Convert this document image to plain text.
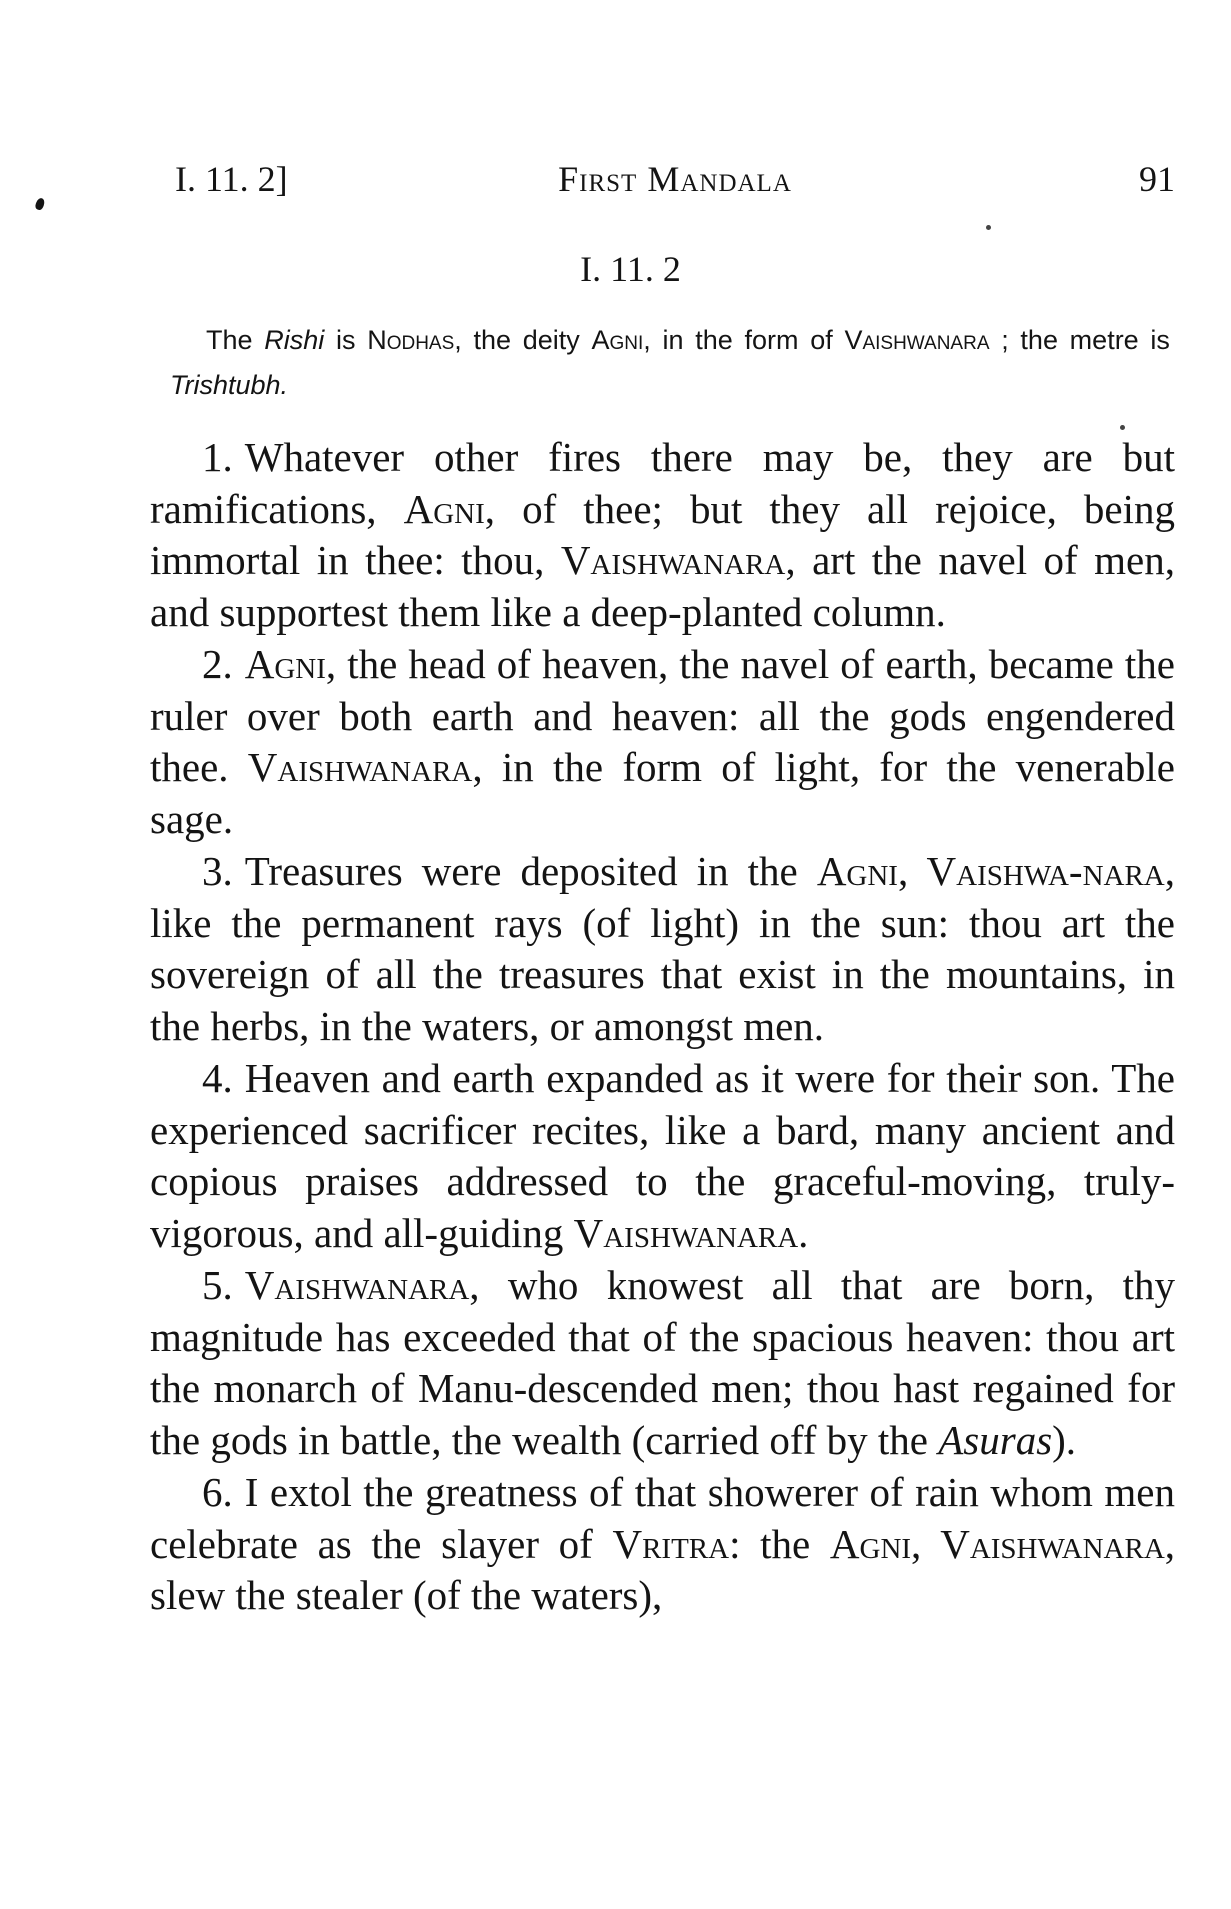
I. 11. 2]	First Mandala	91
I. 11. 2

The Rishi is Nodhas, the deity Agni, in the form of Vaishwanara ; the metre is Trishtubh.

1. Whatever other fires there may be, they are but ramifications, Agni, of thee; but they all rejoice, being immortal in thee: thou, Vaishwanara, art the navel of men, and supportest them like a deep-planted column.

2. Agni, the head of heaven, the navel of earth, became the ruler over both earth and heaven: all the gods engendered thee. Vaishwanara, in the form of light, for the venerable sage.

3. Treasures were deposited in the Agni, Vaishwa-nara, like the permanent rays (of light) in the sun: thou art the sovereign of all the treasures that exist in the mountains, in the herbs, in the waters, or amongst men.

4. Heaven and earth expanded as it were for their son. The experienced sacrificer recites, like a bard, many ancient and copious praises addressed to the graceful-moving, truly-vigorous, and all-guiding Vaishwanara.

5. Vaishwanara, who knowest all that are born, thy magnitude has exceeded that of the spacious heaven: thou art the monarch of Manu-descended men; thou hast regained for the gods in battle, the wealth (carried off by the Asuras).

6. I extol the greatness of that showerer of rain whom men celebrate as the slayer of Vritra: the Agni, Vaishwanara, slew the stealer (of the waters),
